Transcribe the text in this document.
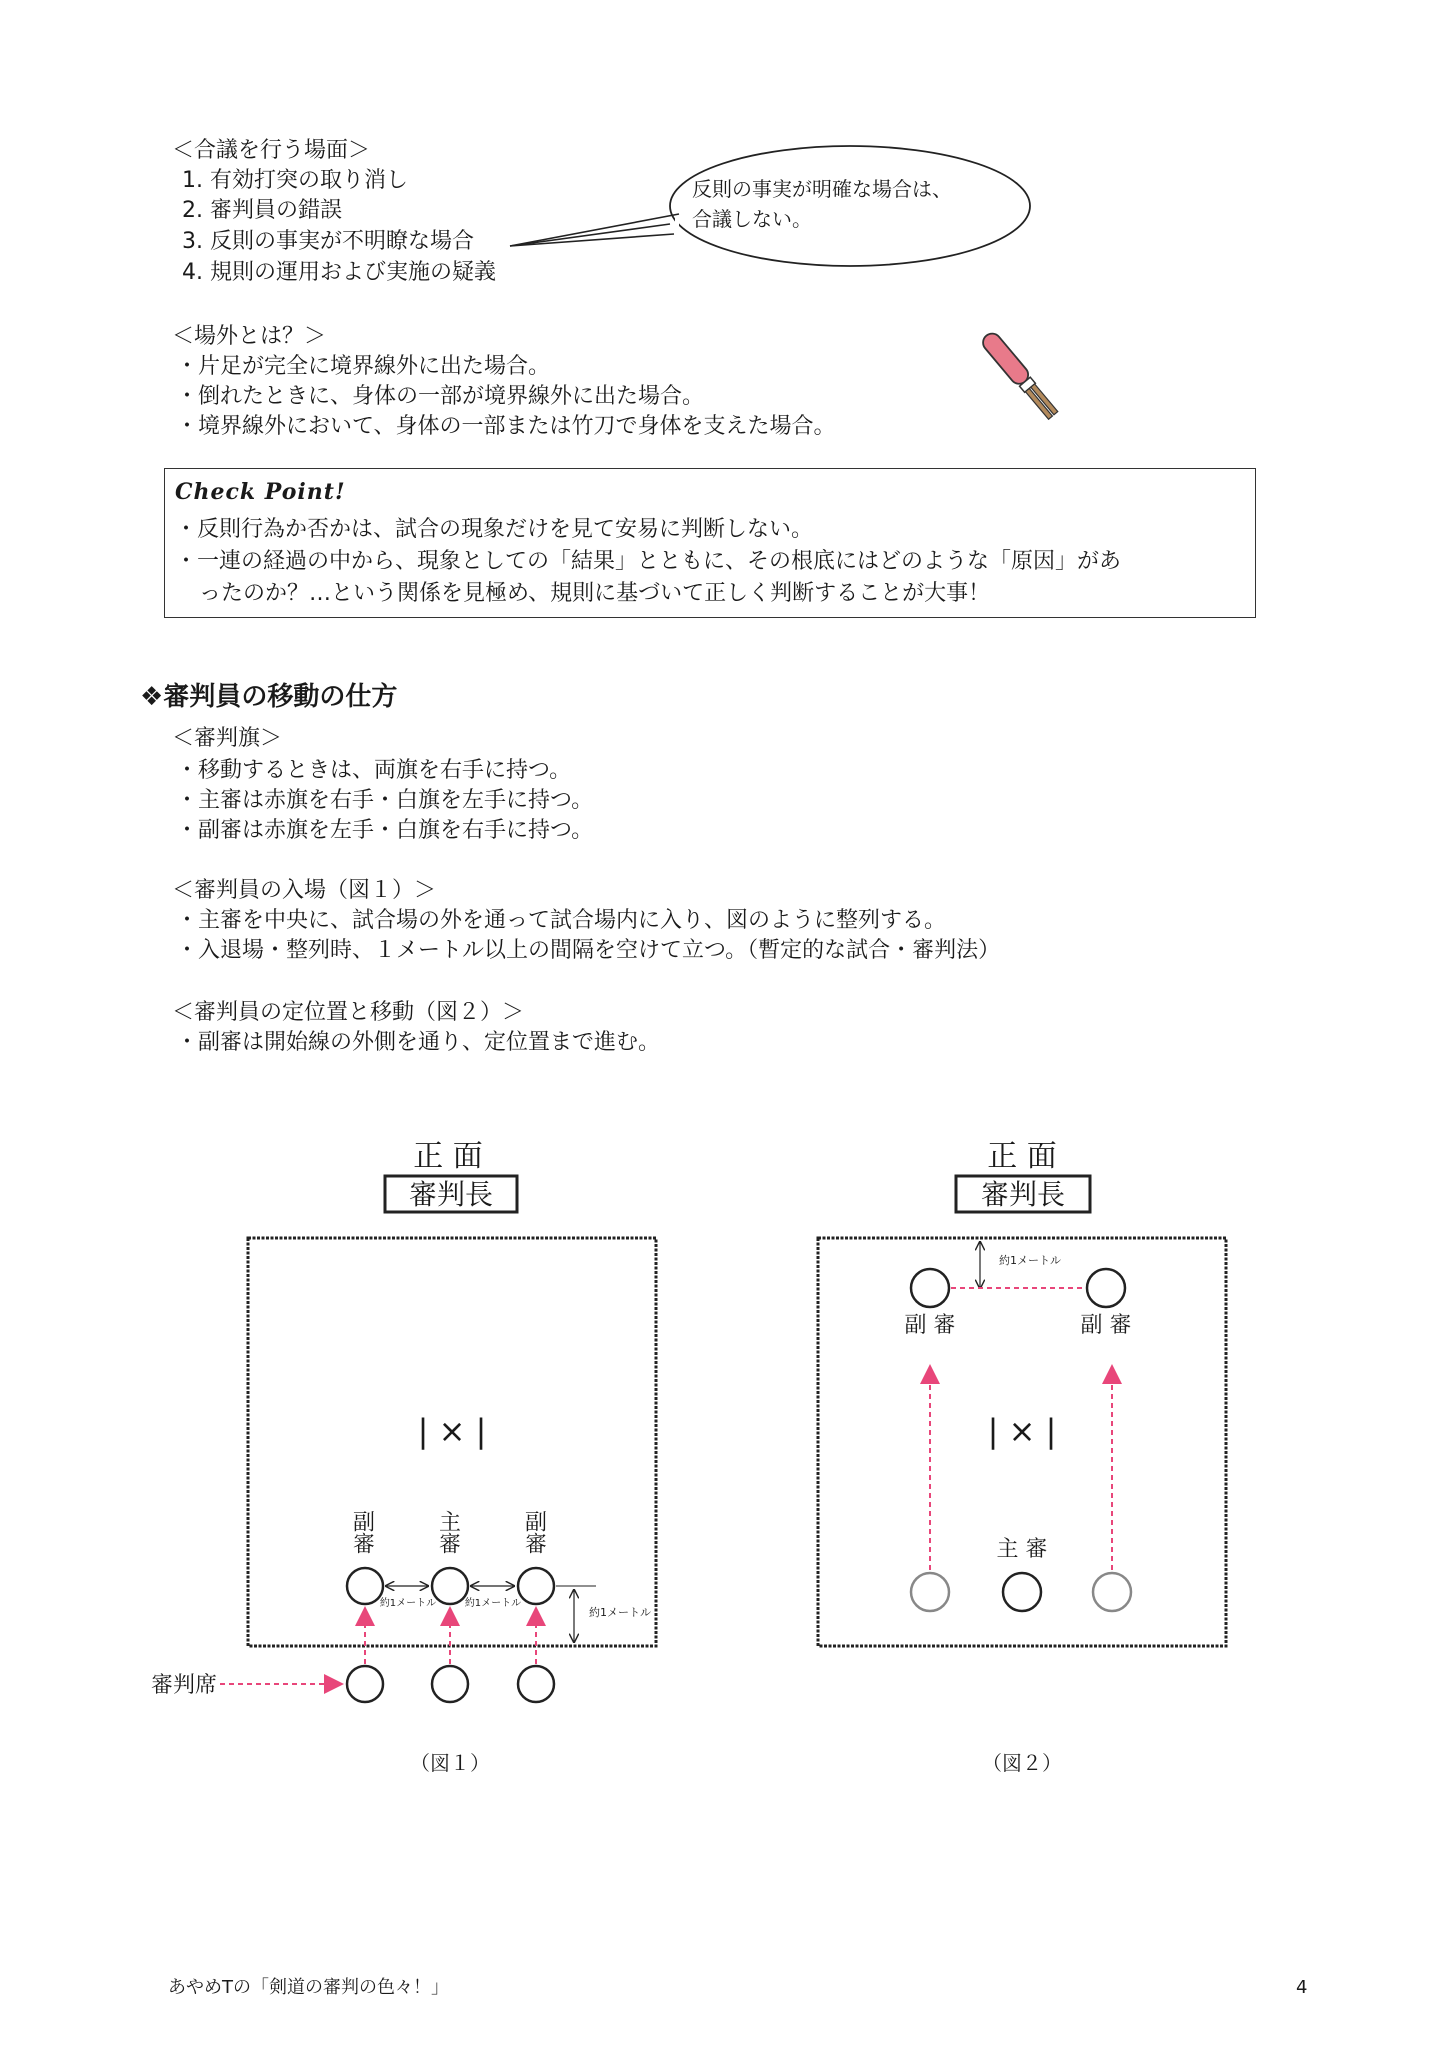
＜合議を行う場面＞
1. 有効打突の取り消し
2. 審判員の錯誤
3. 反則の事実が不明瞭な場合
4. 規則の運用および実施の疑義
反則の事実が明確な場合は、
合議しない。
＜場外とは？＞
・片足が完全に境界線外に出た場合。
・倒れたときに、身体の一部が境界線外に出た場合。
・境界線外において、身体の一部または竹刀で身体を支えた場合。
Check Point!
・反則行為か否かは、試合の現象だけを見て安易に判断しない。
・一連の経過の中から、現象としての「結果」とともに、その根底にはどのような「原因」があ
ったのか？…という関係を見極め、規則に基づいて正しく判断することが大事！
❖審判員の移動の仕方
＜審判旗＞
・移動するときは、両旗を右手に持つ。
・主審は赤旗を右手・白旗を左手に持つ。
・副審は赤旗を左手・白旗を右手に持つ。
＜審判員の入場（図１）＞
・主審を中央に、試合場の外を通って試合場内に入り、図のように整列する。
・入退場・整列時、１メートル以上の間隔を空けて立つ。（暫定的な試合・審判法）
＜審判員の定位置と移動（図２）＞
・副審は開始線の外側を通り、定位置まで進む。
正 面
審判長
| × |
副審	主審	副審
約1メートル	約1メートル
約1メートル
審判席
（図１）
正 面
審判長
約1メートル
副 審	副 審
| × |
主 審
（図２）
あやめTの「剣道の審判の色々！」	4
